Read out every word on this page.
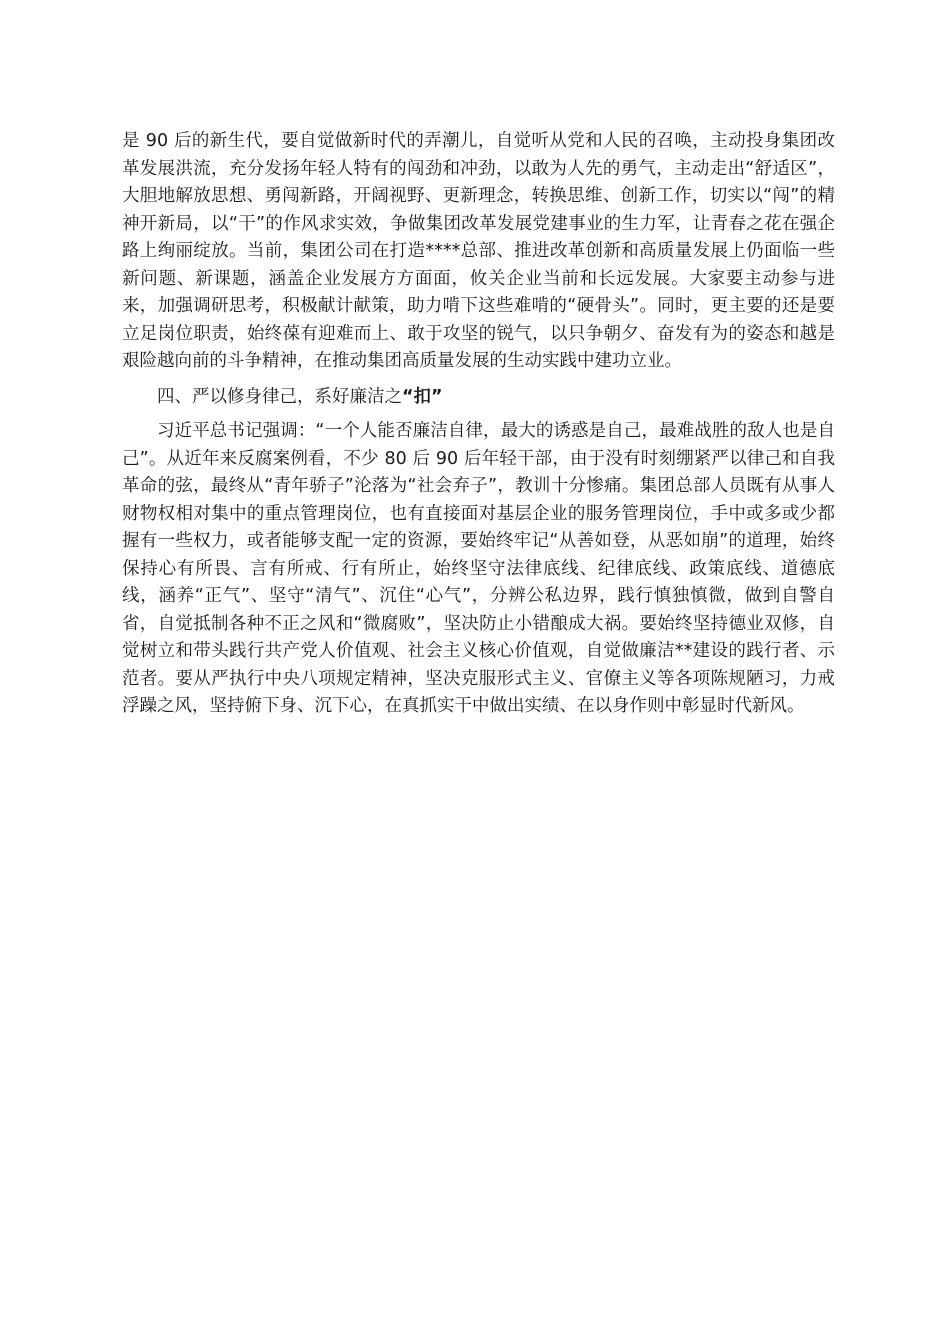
是 90 后的新生代，要自觉做新时代的弄潮儿，自觉听从党和人民的召唤，主动投身集团改革发展洪流，充分发扬年轻人特有的闯劲和冲劲，以敢为人先的勇气，主动走出“舒适区”，大胆地解放思想、勇闯新路，开阔视野、更新理念，转换思维、创新工作，切实以“闯”的精神开新局，以“干”的作风求实效，争做集团改革发展党建事业的生力军，让青春之花在强企路上绚丽绽放。当前，集团公司在打造****总部、推进改革创新和高质量发展上仍面临一些新问题、新课题，涵盖企业发展方方面面，攸关企业当前和长远发展。大家要主动参与进来，加强调研思考，积极献计献策，助力啃下这些难啃的“硬骨头”。同时，更主要的还是要立足岗位职责，始终葆有迎难而上、敢于攻坚的锐气，以只争朝夕、奋发有为的姿态和越是艰险越向前的斗争精神，在推动集团高质量发展的生动实践中建功立业。

四、严以修身律己，系好廉洁之“扣”

习近平总书记强调：“一个人能否廉洁自律，最大的诱惑是自己，最难战胜的敌人也是自己”。从近年来反腐案例看，不少 80 后 90 后年轻干部，由于没有时刻绷紧严以律己和自我革命的弦，最终从“青年骄子”沦落为“社会弃子”，教训十分惨痛。集团总部人员既有从事人财物权相对集中的重点管理岗位，也有直接面对基层企业的服务管理岗位，手中或多或少都握有一些权力，或者能够支配一定的资源，要始终牢记“从善如登，从恶如崩”的道理，始终保持心有所畏、言有所戒、行有所止，始终坚守法律底线、纪律底线、政策底线、道德底线，涵养“正气”、坚守“清气”、沉住“心气”，分辨公私边界，践行慎独慎微，做到自警自省，自觉抵制各种不正之风和“微腐败”，坚决防止小错酿成大祸。要始终坚持德业双修，自觉树立和带头践行共产党人价值观、社会主义核心价值观，自觉做廉洁**建设的践行者、示范者。要从严执行中央八项规定精神，坚决克服形式主义、官僚主义等各项陈规陋习，力戒浮躁之风，坚持俯下身、沉下心，在真抓实干中做出实绩、在以身作则中彰显时代新风。
